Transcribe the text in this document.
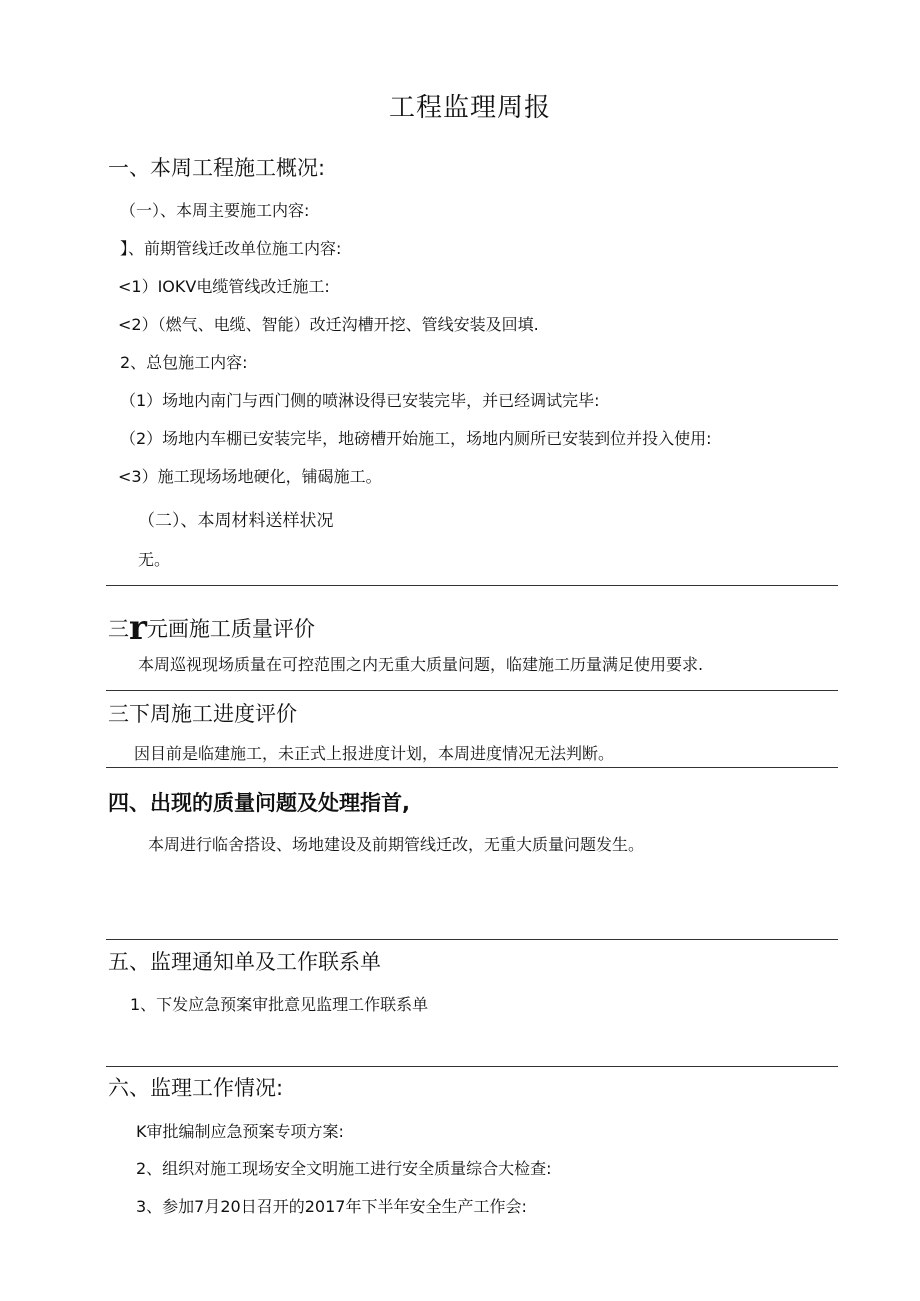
工程监理周报
一、本周工程施工概况:
（一）、本周主要施工内容:
】、前期管线迁改单位施工内容:
<1）IOKV电缆管线改迁施工:
<2）（燃气、电缆、智能）改迁沟槽开挖、管线安装及回填.
2、总包施工内容:
（1）场地内南门与西门侧的喷淋设得已安装完毕，并已经调试完毕:
（2）场地内车棚已安装完毕，地磅槽开始施工，场地内厕所已安装到位并投入使用:
<3）施工现场场地硬化，铺碣施工。
（二）、本周材料送样状况
无。
三r元画施工质量评价
本周巡视现场质量在可控范围之内无重大质量问题，临建施工历量满足使用要求.
三下周施工进度评价
因目前是临建施工，未正式上报进度计划，本周进度情况无法判断。
四、出现的质量问题及处理指首,
本周进行临舍搭设、场地建设及前期管线迁改，无重大质量问题发生。
五、监理通知单及工作联系单
1、下发应急预案审批意见监理工作联系单
六、监理工作情况:
K审批编制应急预案专项方案:
2、组织对施工现场安全文明施工进行安全质量综合大检查:
3、参加7月20日召开的2017年下半年安全生产工作会:
